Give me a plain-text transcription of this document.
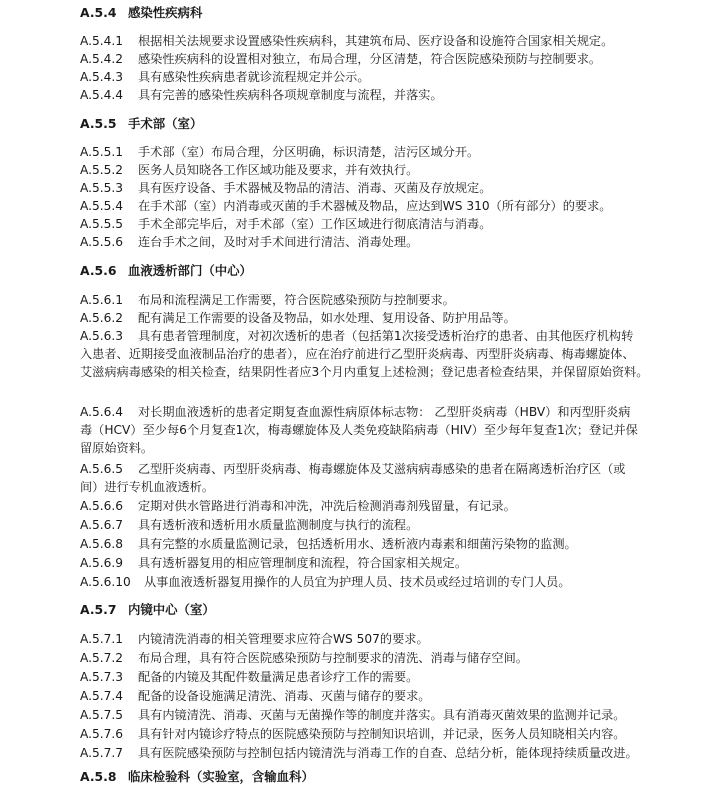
A.5.4 感染性疾病科
A.5.4.1 根据相关法规要求设置感染性疾病科，其建筑布局、医疗设备和设施符合国家相关规定。
A.5.4.2 感染性疾病科的设置相对独立，布局合理，分区清楚，符合医院感染预防与控制要求。
A.5.4.3 具有感染性疾病患者就诊流程规定并公示。
A.5.4.4 具有完善的感染性疾病科各项规章制度与流程，并落实。
A.5.5 手术部（室）
A.5.5.1 手术部（室）布局合理，分区明确，标识清楚，洁污区域分开。
A.5.5.2 医务人员知晓各工作区域功能及要求，并有效执行。
A.5.5.3 具有医疗设备、手术器械及物品的清洁、消毒、灭菌及存放规定。
A.5.5.4 在手术部（室）内消毒或灭菌的手术器械及物品，应达到WS 310（所有部分）的要求。
A.5.5.5 手术全部完毕后，对手术部（室）工作区域进行彻底清洁与消毒。
A.5.5.6 连台手术之间，及时对手术间进行清洁、消毒处理。
A.5.6 血液透析部门（中心）
A.5.6.1 布局和流程满足工作需要，符合医院感染预防与控制要求。
A.5.6.2 配有满足工作需要的设备及物品，如水处理、复用设备、防护用品等。
A.5.6.3 具有患者管理制度，对初次透析的患者（包括第1次接受透析治疗的患者、由其他医疗机构转
入患者、近期接受血液制品治疗的患者），应在治疗前进行乙型肝炎病毒、丙型肝炎病毒、梅毒螺旋体、
艾滋病病毒感染的相关检查，结果阴性者应3个月内重复上述检测；登记患者检查结果，并保留原始资料。
A.5.6.4 对长期血液透析的患者定期复查血源性病原体标志物： 乙型肝炎病毒（HBV）和丙型肝炎病
毒（HCV）至少每6个月复查1次，梅毒螺旋体及人类免疫缺陷病毒（HIV）至少每年复查1次；登记并保
留原始资料。
A.5.6.5 乙型肝炎病毒、丙型肝炎病毒、梅毒螺旋体及艾滋病病毒感染的患者在隔离透析治疗区（或
间）进行专机血液透析。
A.5.6.6 定期对供水管路进行消毒和冲洗，冲洗后检测消毒剂残留量，有记录。
A.5.6.7 具有透析液和透析用水质量监测制度与执行的流程。
A.5.6.8 具有完整的水质量监测记录，包括透析用水、透析液内毒素和细菌污染物的监测。
A.5.6.9 具有透析器复用的相应管理制度和流程，符合国家相关规定。
A.5.6.10 从事血液透析器复用操作的人员宜为护理人员、技术员或经过培训的专门人员。
A.5.7 内镜中心（室）
A.5.7.1 内镜清洗消毒的相关管理要求应符合WS 507的要求。
A.5.7.2 布局合理，具有符合医院感染预防与控制要求的清洗、消毒与储存空间。
A.5.7.3 配备的内镜及其配件数量满足患者诊疗工作的需要。
A.5.7.4 配备的设备设施满足清洗、消毒、灭菌与储存的要求。
A.5.7.5 具有内镜清洗、消毒、灭菌与无菌操作等的制度并落实。具有消毒灭菌效果的监测并记录。
A.5.7.6 具有针对内镜诊疗特点的医院感染预防与控制知识培训，并记录，医务人员知晓相关内容。
A.5.7.7 具有医院感染预防与控制包括内镜清洗与消毒工作的自查、总结分析，能体现持续质量改进。
A.5.8 临床检验科（实验室，含输血科）
